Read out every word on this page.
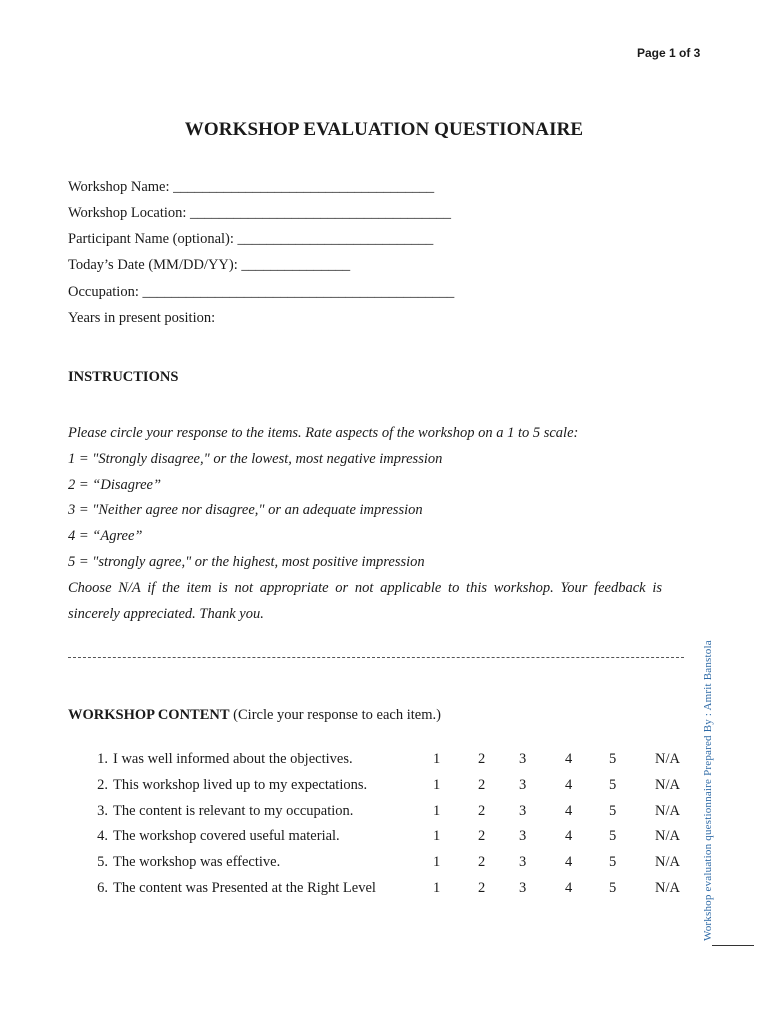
Page 1 of 3
WORKSHOP EVALUATION QUESTIONAIRE
Workshop Name: ____________________________________
Workshop Location: ____________________________________
Participant Name (optional): ___________________________
Today’s Date (MM/DD/YY): _______________
Occupation: ___________________________________________
Years in present position:
INSTRUCTIONS
Please circle your response to the items. Rate aspects of the workshop on a 1 to 5 scale:
1 = "Strongly disagree," or the lowest, most negative impression
2 = “Disagree”
3 = "Neither agree nor disagree," or an adequate impression
4 = “Agree”
5 = "strongly agree," or the highest, most positive impression
Choose N/A if the item is not appropriate or not applicable to this workshop. Your feedback is
sincerely appreciated. Thank you.
WORKSHOP CONTENT (Circle your response to each item.)
1. I was well informed about the objectives.	1	2 3	4	5	N/A
2. This workshop lived up to my expectations.	1	2 3	4	5	N/A
3. The content is relevant to my occupation.	1	2 3	4	5	N/A
4. The workshop covered useful material.	1	2 3	4	5	N/A
5. The workshop was effective.	1	2 3	4	5	N/A
6. The content was Presented at the Right Level	1	2 3	4	5	N/A Workshop evaluation questionnaire Prepared By : Amrit Banstola
